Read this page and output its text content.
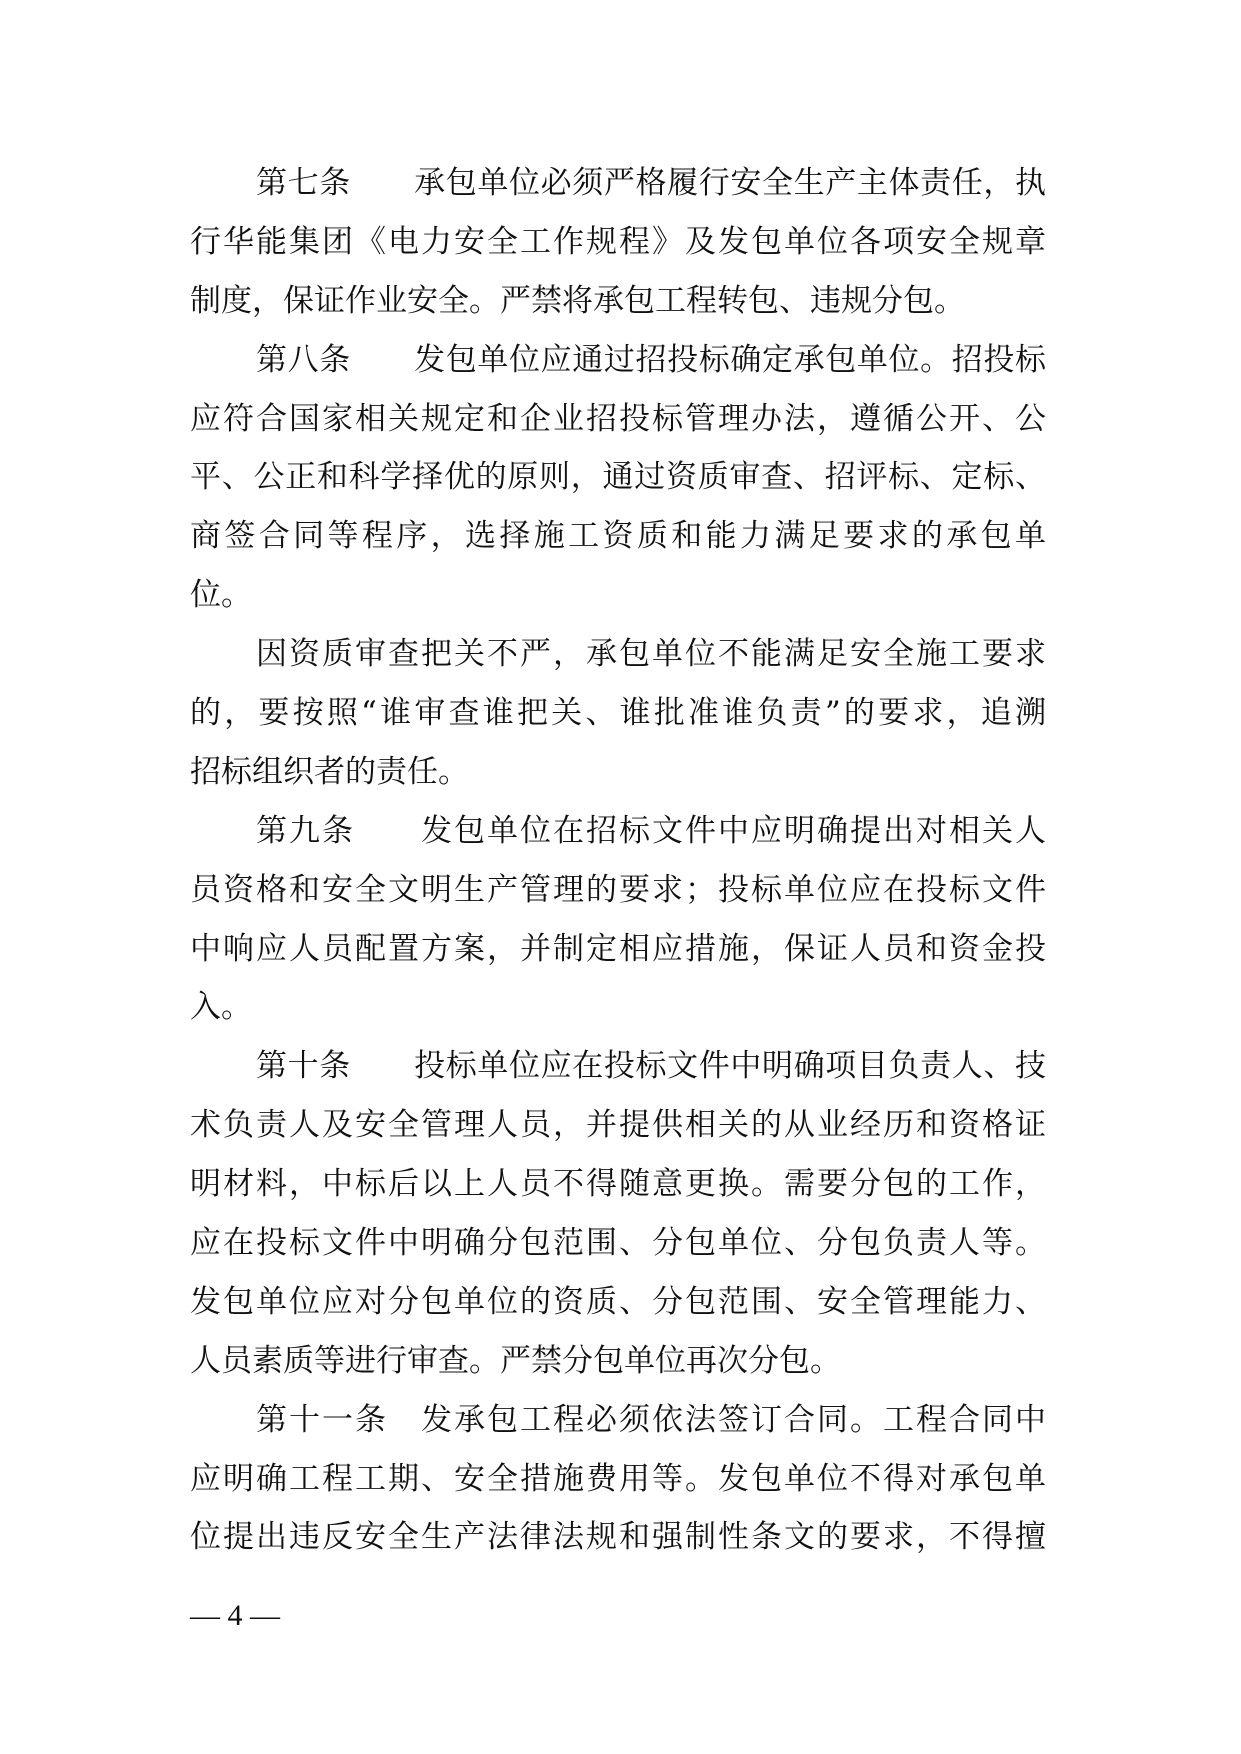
第七条　　承包单位必须严格履行安全生产主体责任，执
行华能集团《电力安全工作规程》及发包单位各项安全规章
制度，保证作业安全。严禁将承包工程转包、违规分包。
第八条　　发包单位应通过招投标确定承包单位。招投标
应符合国家相关规定和企业招投标管理办法，遵循公开、公
平、公正和科学择优的原则，通过资质审查、招评标、定标、
商签合同等程序，选择施工资质和能力满足要求的承包单
位。
因资质审查把关不严，承包单位不能满足安全施工要求
的，要按照“谁审查谁把关、谁批准谁负责”的要求，追溯
招标组织者的责任。
第九条　　发包单位在招标文件中应明确提出对相关人
员资格和安全文明生产管理的要求；投标单位应在投标文件
中响应人员配置方案，并制定相应措施，保证人员和资金投
入。
第十条　　投标单位应在投标文件中明确项目负责人、技
术负责人及安全管理人员，并提供相关的从业经历和资格证
明材料，中标后以上人员不得随意更换。需要分包的工作，
应在投标文件中明确分包范围、分包单位、分包负责人等。
发包单位应对分包单位的资质、分包范围、安全管理能力、
人员素质等进行审查。严禁分包单位再次分包。
第十一条　发承包工程必须依法签订合同。工程合同中
应明确工程工期、安全措施费用等。发包单位不得对承包单
位提出违反安全生产法律法规和强制性条文的要求，不得擅
— 4 —
